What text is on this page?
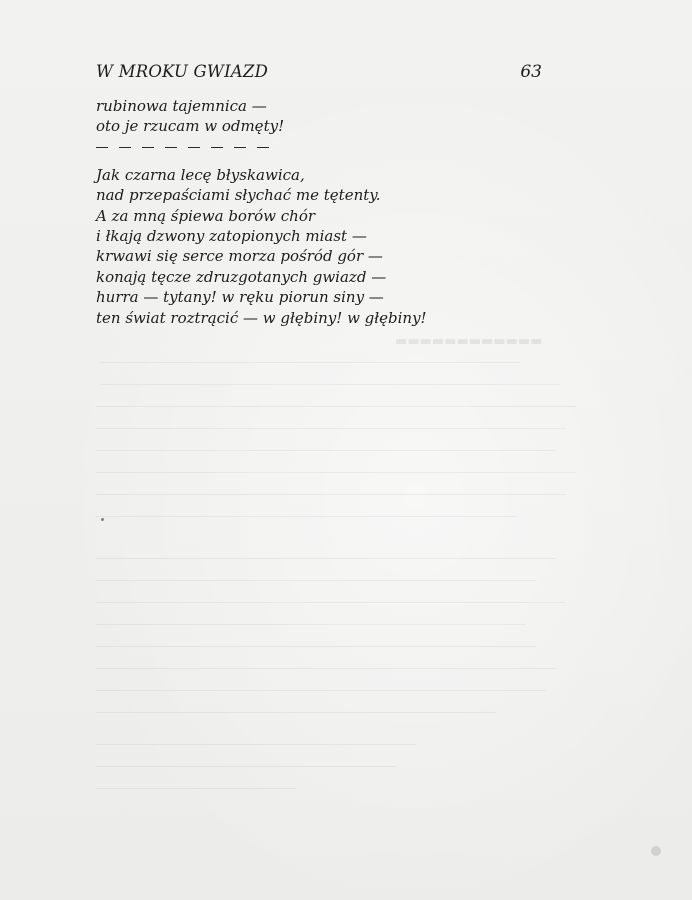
▬▬▬▬▬▬▬▬▬▬▬▬
W MROKU GWIAZD	63
rubinowa tajemnica —
oto je rzucam w odmęty!
Jak czarna lecę błyskawica,
nad przepaściami słychać me tętenty.
A za mną śpiewa borów chór
i łkają dzwony zatopionych miast —
krwawi się serce morza pośród gór —
konają tęcze zdruzgotanych gwiazd —
hurra — tytany! w ręku piorun siny —
ten świat roztrącić — w głębiny! w głębiny!
